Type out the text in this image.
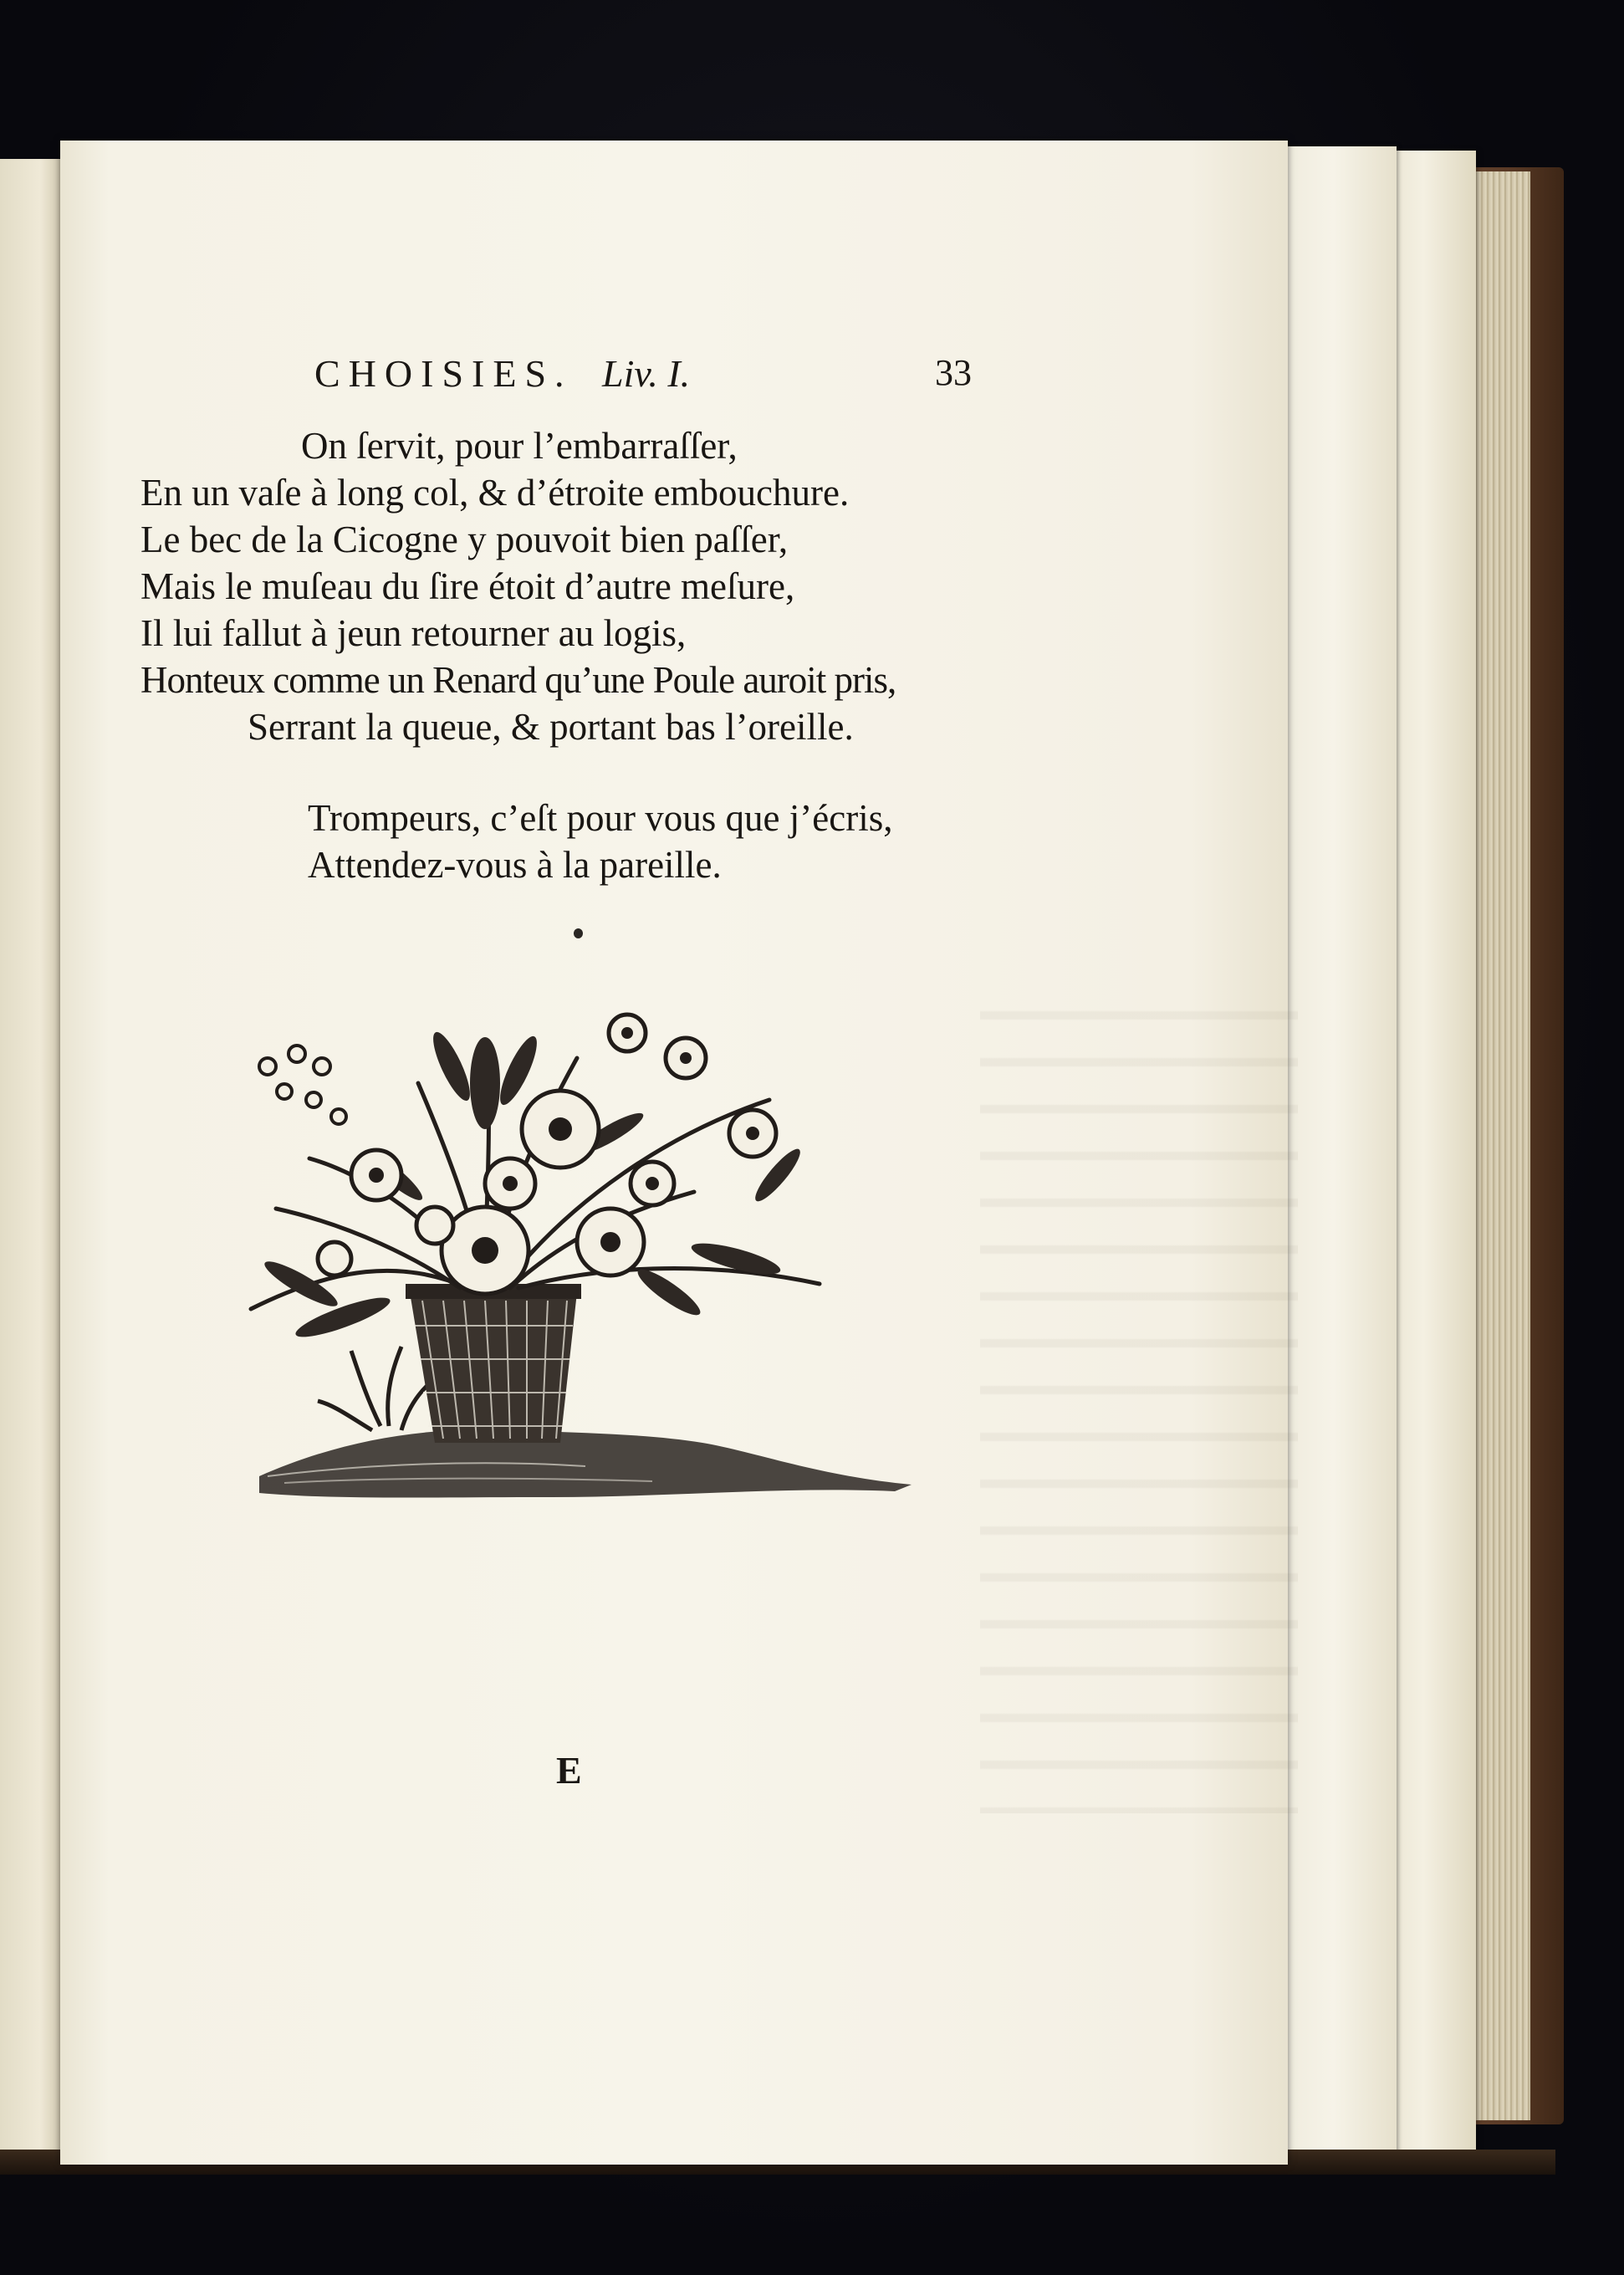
CHOISIES. Liv. I.	33
On ſervit, pour l’embarraſſer,
En un vaſe à long col, & d’étroite embouchure.
Le bec de la Cicogne y pouvoit bien paſſer,
Mais le muſeau du ſire étoit d’autre meſure,
Il lui fallut à jeun retourner au logis,
Honteux comme un Renard qu’une Poule auroit pris,
Serrant la queue, & portant bas l’oreille.
Trompeurs, c’eſt pour vous que j’écris,
Attendez-vous à la pareille.
E
